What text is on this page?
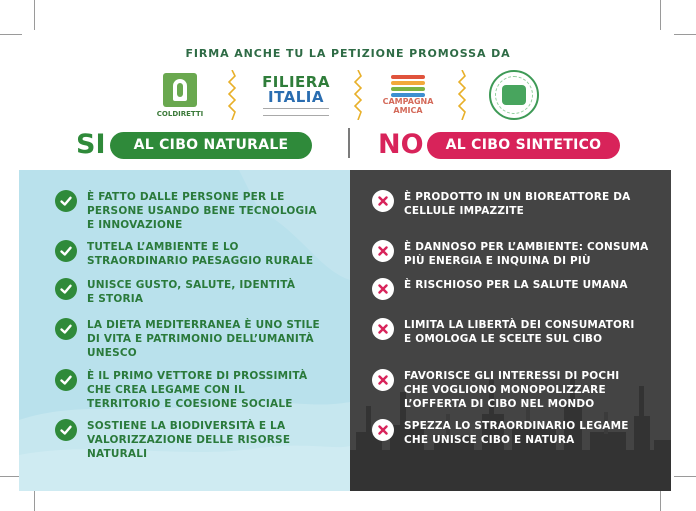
FIRMA ANCHE TU LA PETIZIONE PROMOSSA DA
COLDIRETTI
FILIERA
ITALIA	CAMPAGNA AMICA
SI	AL CIBO NATURALE	NO	AL CIBO SINTETICO
È FATTO DALLE PERSONE PER LE
PERSONE USANDO BENE TECNOLOGIA
E INNOVAZIONE
TUTELA L’AMBIENTE E LO
STRAORDINARIO PAESAGGIO RURALE
UNISCE GUSTO, SALUTE, IDENTITÀ
E STORIA
LA DIETA MEDITERRANEA È UNO STILE
DI VITA E PATRIMONIO DELL’UMANITÀ
UNESCO
È IL PRIMO VETTORE DI PROSSIMITÀ
CHE CREA LEGAME CON IL
TERRITORIO E COESIONE SOCIALE
SOSTIENE LA BIODIVERSITÀ E LA
VALORIZZAZIONE DELLE RISORSE
NATURALI
È PRODOTTO IN UN BIOREATTORE DA
CELLULE IMPAZZITE
È DANNOSO PER L’AMBIENTE: CONSUMA
PIÙ ENERGIA E INQUINA DI PIÙ
È RISCHIOSO PER LA SALUTE UMANA
LIMITA LA LIBERTÀ DEI CONSUMATORI
E OMOLOGA LE SCELTE SUL CIBO
FAVORISCE GLI INTERESSI DI POCHI
CHE VOGLIONO MONOPOLIZZARE
L’OFFERTA DI CIBO NEL MONDO
SPEZZA LO STRAORDINARIO LEGAME
CHE UNISCE CIBO E NATURA
